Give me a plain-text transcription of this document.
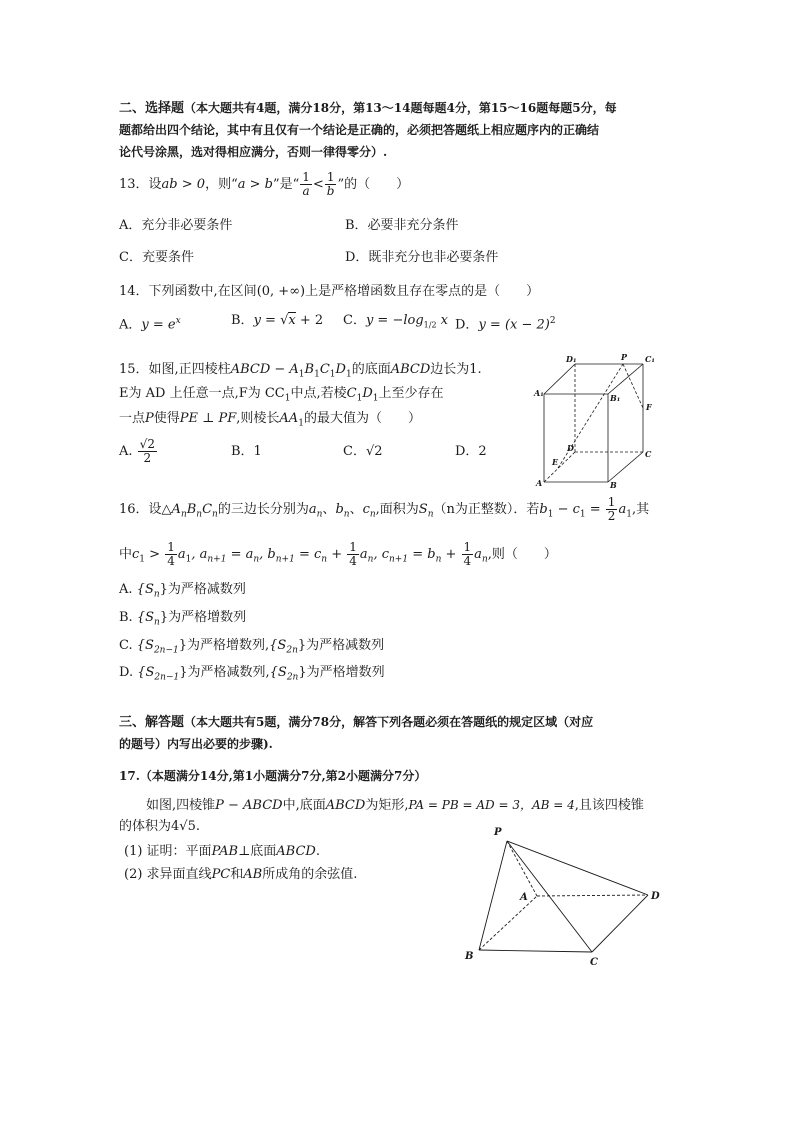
二、选择题（本大题共有4题，满分18分，第13～14题每题4分，第15～16题每题5分，每
题都给出四个结论，其中有且仅有一个结论是正确的，必须把答题纸上相应题序内的正确结
论代号涂黑，选对得相应满分，否则一律得零分）.
13．设ab > 0，则“a > b”是“ $\frac{1}{a} < \frac{1}{b}$ ”的（　　）
A．充分非必要条件	B．必要非充分条件
C．充要条件	D．既非充分也非必要条件
14．下列函数中,在区间(0, +∞)上是严格增函数且存在零点的是（　　）
A．$y = e^x$	B．y = √x + 2 C．$y = -\log_{1/2}$ x D．$y = (x - 2)^2$
15．如图,正四棱柱ABCD − $A_1B_1C_1D_1$的底面ABCD边长为1.
E为 AD 上任意一点,F为 $CC_1$中点,若棱$C_1D_1$上至少存在
一点P使得PE ⊥ PF,则棱长$AA_1$的最大值为（　　）
A. $\frac{√2}{2}$	B．1	C．√2	D．2
D₁	P C₁
A₁	B₁
F
D
C
E
A	B
16．设$\triangle A_nB_nC_n$的三边长分别为$a_n$、$b_n$、$c_n$,面积为$S_n(n$为正整数）．若$b_1 - c_1 = \frac{1}{2} a_1$,其
中$c_1 > \frac{1}{4} a_1$, $a_{n+1} = a_n$, $b_{n+1} = c_n + \frac{1}{4} a_n$, $c_{n+1} = b_n + \frac{1}{4} a_n$,则（　　）
A. $\{S_n\}$为严格减数列
B. $\{S_n\}$为严格增数列
C. $\{S_{2n-1}\}$为严格增数列$,\{S_{2n}\}$为严格减数列
D. $\{S_{2n-1}\}$为严格减数列$,\{S_{2n}\}$为严格增数列
三、解答题（本大题共有5题，满分78分，解答下列各题必须在答题纸的规定区域（对应
的题号）内写出必要的步骤).
17.（本题满分14分,第1小题满分7分,第2小题满分7分）
如图,四棱锥P − ABCD中,底面ABCD为矩形,PA = PB = AD = 3，AB = 4,且该四棱锥
的体积为4√5.
(1) 证明：平面PAB⊥底面ABCD.
(2) 求异面直线PC和AB所成角的余弦值.
P
A	D
B
C
